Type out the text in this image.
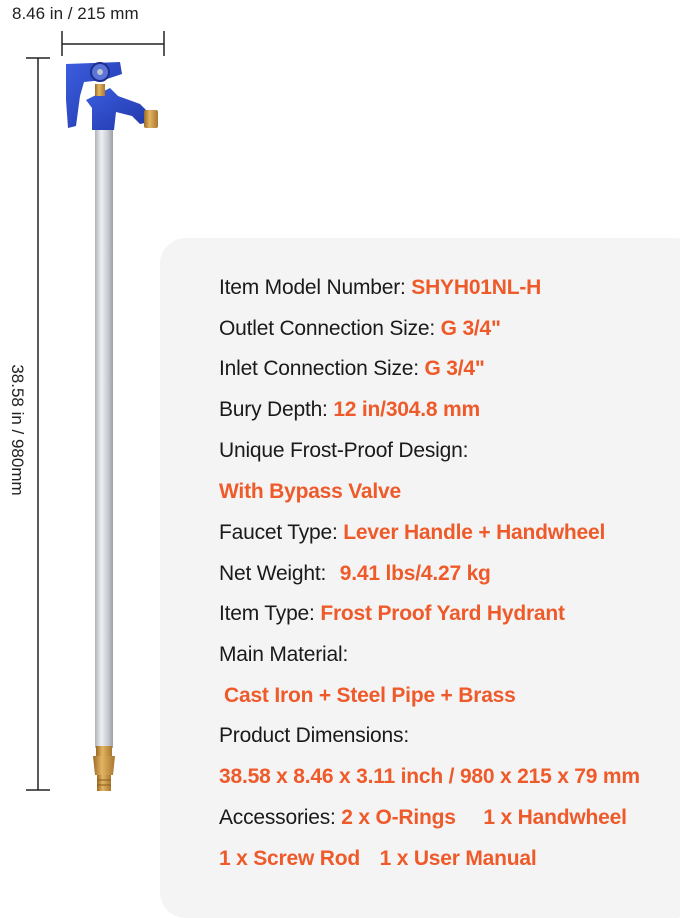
8.46 in / 215 mm
38.58 in / 980mm
Item Model Number: SHYH01NL-H
Outlet Connection Size: G 3/4"
Inlet Connection Size: G 3/4"
Bury Depth: 12 in/304.8 mm
Unique Frost-Proof Design:
With Bypass Valve
Faucet Type: Lever Handle + Handwheel
Net Weight: 9.41 lbs/4.27 kg
Item Type: Frost Proof Yard Hydrant
Main Material:
Cast Iron + Steel Pipe + Brass
Product Dimensions:
38.58 x 8.46 x 3.11 inch / 980 x 215 x 79 mm
Accessories: 2 x O-Rings 1 x Handwheel
1 x Screw Rod 1 x User Manual
